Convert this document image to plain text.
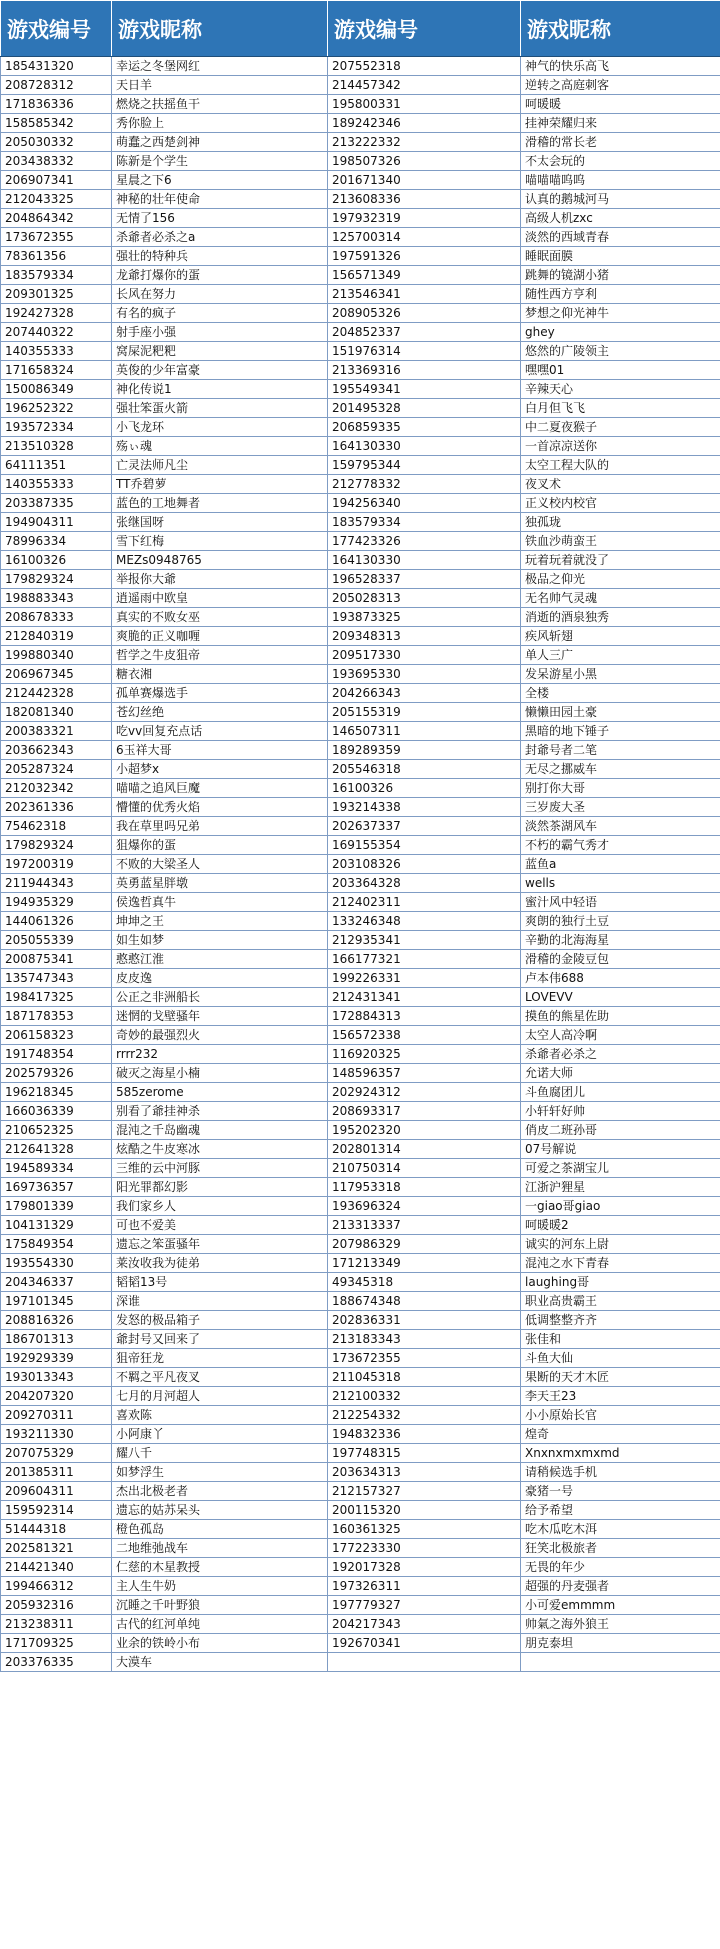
游戏编号	游戏昵称	游戏编号	游戏昵称
185431320	幸运之冬堡网红	207552318	神气的快乐高飞
208728312	天日羊	214457342	逆转之高庭刺客
171836336	燃烧之扶摇鱼干	195800331	呵暖暖
158585342	秀你脸上	189242346	挂神荣耀归来
205030332	萌蠢之西楚剑神	213222332	滑稽的常长老
203438332	陈新是个学生	198507326	不太会玩的
206907341	星晨之下6	201671340	喵喵喵呜呜
212043325	神秘的壮年使命	213608336	认真的鹅城河马
204864342	无情了156	197932319	高级人机zxc
173672355	杀爺者必杀之a	125700314	淡然的西域青春
78361356	强壮的特种兵	197591326	睡眠面膜
183579334	龙爺打爆你的蛋	156571349	跳舞的镜湖小猪
209301325	长风在努力	213546341	随性西方亨利
192427328	有名的疯子	208905326	梦想之仰光神牛
207440322	射手座小强	204852337	ghey
140355333	窝屎泥粑粑	151976314	悠然的广陵领主
171658324	英俊的少年富豪	213369316	嘿嘿01
150086349	神化传说1	195549341	辛辣天心
196252322	强壮笨蛋火箭	201495328	白月但飞飞
193572334	小飞龙环	206859335	中二夏夜猴子
213510328	殇ぃ魂	164130330	一首凉凉送你
64111351	亡灵法师凡尘	159795344	太空工程大队的
140355333	TT乔碧萝	212778332	夜叉术
203387335	蓝色的工地舞者	194256340	正义校内校官
194904311	张继国呀	183579334	独孤珑
78996334	雪下红梅	177423326	铁血沙萌蛮王
16100326	MEZs0948765	164130330	玩着玩着就没了
179829324	举报你大爺	196528337	极品之仰光
198883343	逍遥雨中欧皇	205028313	无名帅气灵魂
208678333	真实的不败女巫	193873325	消逝的酒泉独秀
212840319	爽脆的正义咖喱	209348313	疾风斩翅
199880340	哲学之牛皮狙帝	209517330	单人三广
206967345	糖衣湘	193695330	发呆游星小黑
212442328	孤单赛爆选手	204266343	全楼
182081340	苍幻丝绝	205155319	懒懒田园土豪
200383321	吃vv回复充点话	146507311	黑暗的地下锤子
203662343	6玉祥大哥	189289359	封爺号者二笔
205287324	小超梦x	205546318	无尽之挪威车
212032342	喵喵之追风巨魔	16100326	别打你大哥
202361336	懵懂的优秀火焰	193214338	三岁废大圣
75462318	我在草里吗兄弟	202637337	淡然茶湖风车
179829324	狙爆你的蛋	169155354	不朽的霸气秀才
197200319	不败的大梁圣人	203108326	蓝鱼a
211944343	英勇蓝星胖墩	203364328	wells
194935329	侯逸哲真牛	212402311	蜜汁风中轻语
144061326	坤坤之王	133246348	爽朗的独行土豆
205055339	如生如梦	212935341	辛勤的北海海星
200875341	憨憨江淮	166177321	滑稽的金陵豆包
135747343	皮皮逸	199226331	卢本伟688
198417325	公正之非洲船长	212431341	LOVEVV
187178353	迷惘的戈壁骚年	172884313	摸鱼的熊星佐助
206158323	奇妙的最强烈火	156572338	太空人高冷啊
191748354	rrrr232	116920325	杀爺者必杀之
202579326	破灭之海星小楠	148596357	允诺大师
196218345	585zerome	202924312	斗鱼腐团儿
166036339	别看了爺挂神杀	208693317	小轩轩好帅
210652325	混沌之千岛幽魂	195202320	俏皮二班孙哥
212641328	炫酷之牛皮寒冰	202801314	07号解说
194589334	三维的云中河豚	210750314	可爱之茶湖宝儿
169736357	阳光罪都幻影	117953318	江浙沪狸星
179801339	我们家乡人	193696324	一giao哥giao
104131329	可也不爱美	213313337	呵暖暖2
175849354	遗忘之笨蛋骚年	207986329	诚实的河东上尉
193554330	莱汝收我为徒弟	171213349	混沌之水下青春
204346337	韬韬13号	49345318	laughing哥
197101345	深谁	188674348	职业高贵霸王
208816326	发怒的极品箱子	202836331	低调整整齐齐
186701313	爺封号又回来了	213183343	张佳和
192929339	狙帝狂龙	173672355	斗鱼大仙
193013343	不羁之平凡夜叉	211045318	果断的天才木匠
204207320	七月的月河超人	212100332	李天王23
209270311	喜欢陈	212254332	小小原始长官
193211330	小阿康丫	194832336	煌奇
207075329	耀八千	197748315	Xnxnxmxmxmd
201385311	如梦浮生	203634313	请稍候选手机
209604311	杰出北极老者	212157327	豪猪一号
159592314	遗忘的姑苏呆头	200115320	给予希望
51444318	橙色孤岛	160361325	吃木瓜吃木洱
202581321	二地维弛战车	177223330	狂笑北极旅者
214421340	仁慈的木星教授	192017328	无畏的年少
199466312	主人生牛奶	197326311	超强的丹麦强者
205932316	沉睡之千叶野狼	197779327	小可爱emmmm
213238311	古代的红河单纯	204217343	帅氣之海外狼王
171709325	业余的铁岭小布	192670341	朋克泰坦
203376335	大漠车		
